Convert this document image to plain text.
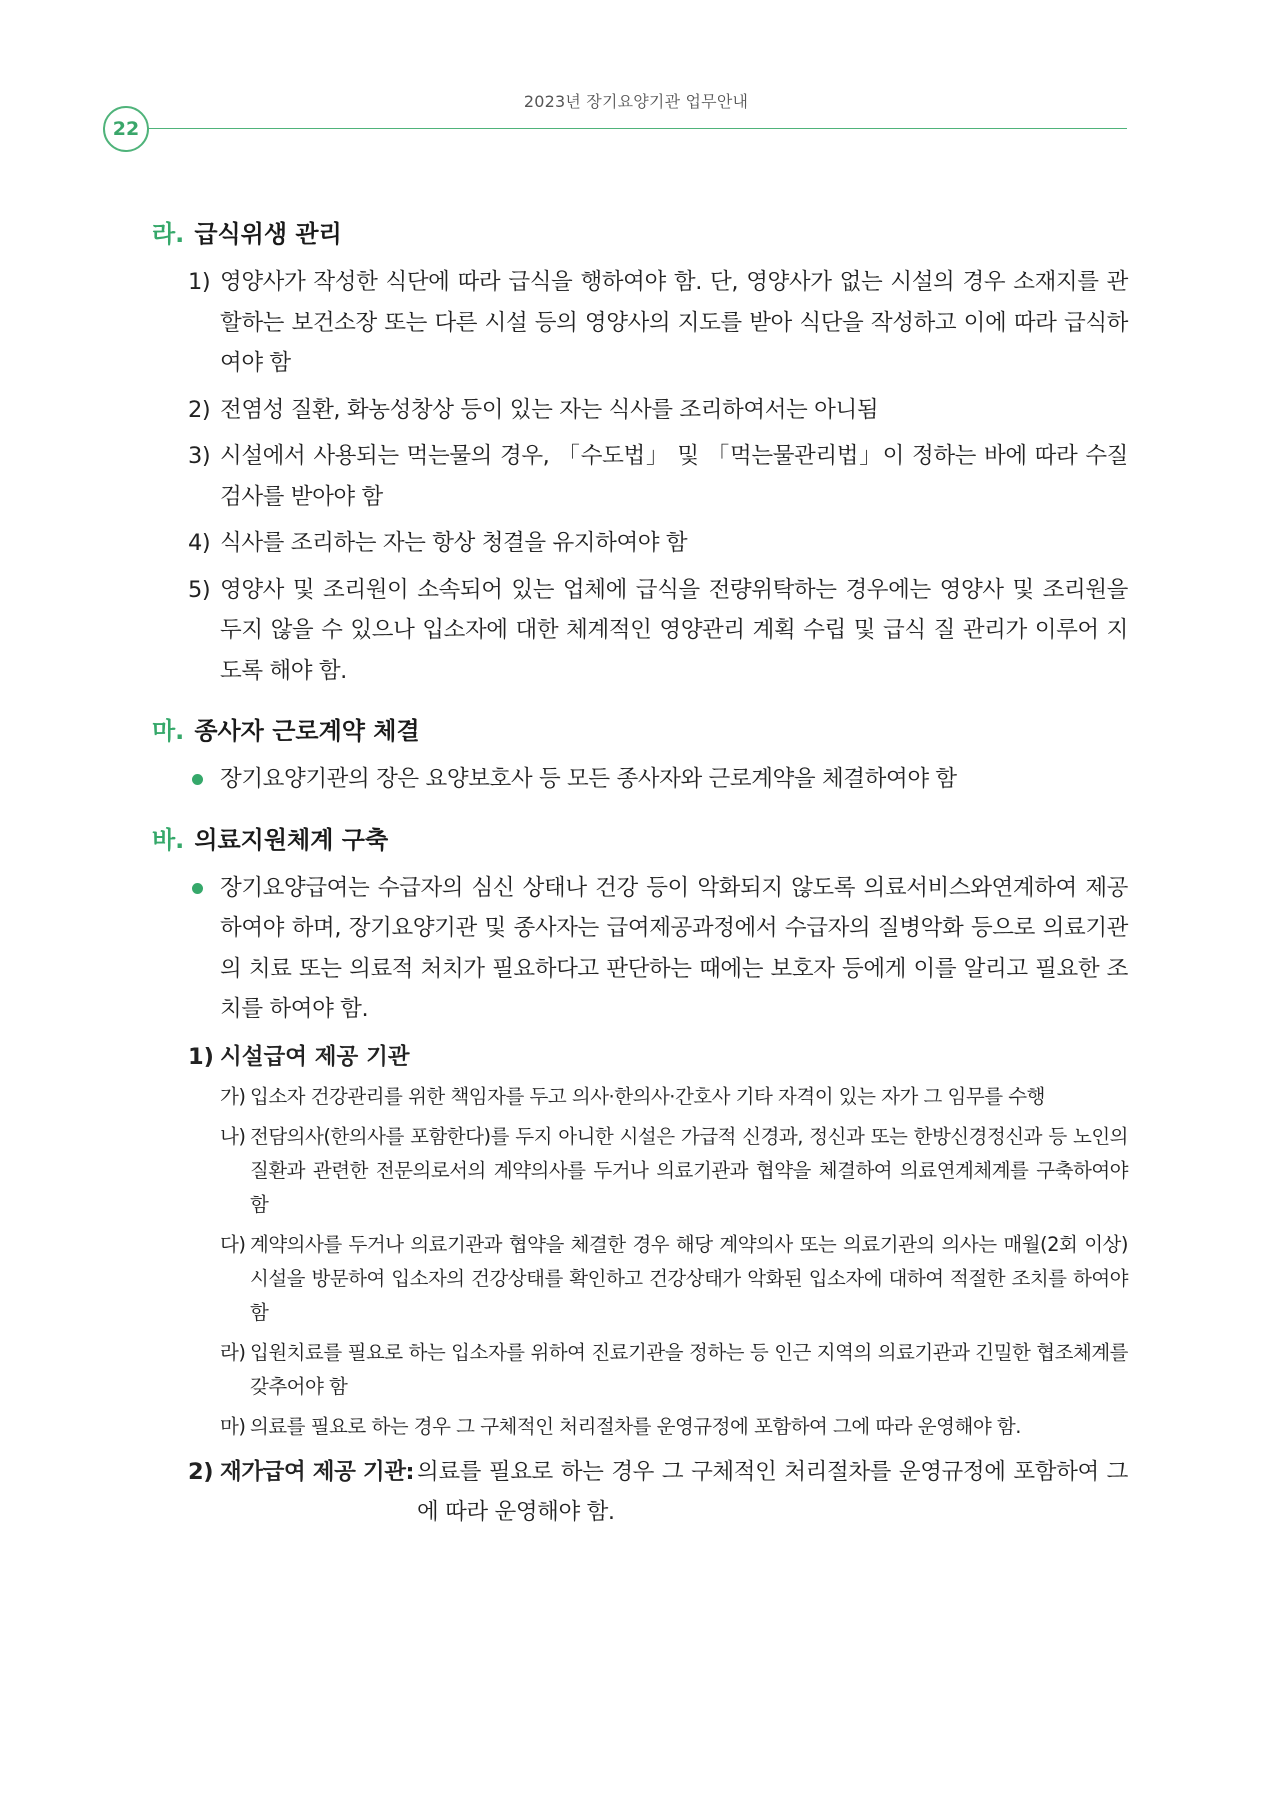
2023년 장기요양기관 업무안내
22
라. 급식위생 관리
1) 영양사가 작성한 식단에 따라 급식을 행하여야 함. 단, 영양사가 없는 시설의 경우 소재지를 관할하는 보건소장 또는 다른 시설 등의 영양사의 지도를 받아 식단을 작성하고 이에 따라 급식하여야 함
2) 전염성 질환, 화농성창상 등이 있는 자는 식사를 조리하여서는 아니됨
3) 시설에서 사용되는 먹는물의 경우, 「수도법」 및 「먹는물관리법」이 정하는 바에 따라 수질검사를 받아야 함
4) 식사를 조리하는 자는 항상 청결을 유지하여야 함
5) 영양사 및 조리원이 소속되어 있는 업체에 급식을 전량위탁하는 경우에는 영양사 및 조리원을 두지 않을 수 있으나 입소자에 대한 체계적인 영양관리 계획 수립 및 급식 질 관리가 이루어 지도록 해야 함.
마. 종사자 근로계약 체결
장기요양기관의 장은 요양보호사 등 모든 종사자와 근로계약을 체결하여야 함
바. 의료지원체계 구축
장기요양급여는 수급자의 심신 상태나 건강 등이 악화되지 않도록 의료서비스와연계하여 제공하여야 하며, 장기요양기관 및 종사자는 급여제공과정에서 수급자의 질병악화 등으로 의료기관의 치료 또는 의료적 처치가 필요하다고 판단하는 때에는 보호자 등에게 이를 알리고 필요한 조치를 하여야 함.
1) 시설급여 제공 기관
가) 입소자 건강관리를 위한 책임자를 두고 의사·한의사·간호사 기타 자격이 있는 자가 그 임무를 수행
나) 전담의사(한의사를 포함한다)를 두지 아니한 시설은 가급적 신경과, 정신과 또는 한방신경정신과 등 노인의 질환과 관련한 전문의로서의 계약의사를 두거나 의료기관과 협약을 체결하여 의료연계체계를 구축하여야 함
다) 계약의사를 두거나 의료기관과 협약을 체결한 경우 해당 계약의사 또는 의료기관의 의사는 매월(2회 이상) 시설을 방문하여 입소자의 건강상태를 확인하고 건강상태가 악화된 입소자에 대하여 적절한 조치를 하여야 함
라) 입원치료를 필요로 하는 입소자를 위하여 진료기관을 정하는 등 인근 지역의 의료기관과 긴밀한 협조체계를 갖추어야 함
마) 의료를 필요로 하는 경우 그 구체적인 처리절차를 운영규정에 포함하여 그에 따라 운영해야 함.
2) 재가급여 제공 기관: 의료를 필요로 하는 경우 그 구체적인 처리절차를 운영규정에 포함하여 그에 따라 운영해야 함.
